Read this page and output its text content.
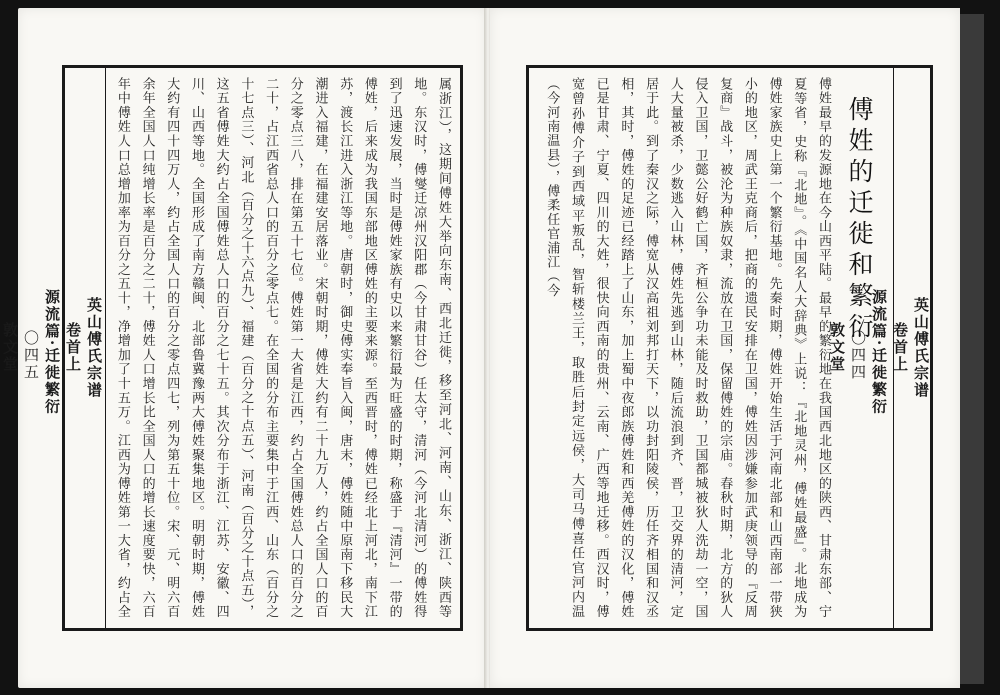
英山傅氏宗谱
卷首上
源流篇·迁徙繁衍
〇四五
敦文堂
属浙江），这期间傅姓大举向东南、西北迁徙，移至河北、河南、山东、浙江、陕西等地。东汉时，傅燮迁凉州汉阳郡（今甘肃甘谷）任太守，清河（今河北清河）的傅姓得到了迅速发展，当时是傅姓家族有史以来繁衍最为旺盛的时期，称盛于『清河』一带的傅姓，后来成为我国东部地区傅姓的主要来源。至西晋时，傅姓已经北上河北，南下江苏，渡长江进入浙江等地。唐朝时，御史傅实奉旨入闽，唐末，傅姓随中原南下移民大潮进入福建，在福建安居落业。宋朝时期，傅姓大约有二十九万人，约占全国人口的百分之零点三八，排在第五十七位。傅姓第一大省是江西，约占全国傅姓总人口的百分之二十，占江西省总人口的百分之零点七。在全国的分布主要集中于江西、山东（百分之十七点三）、河北（百分之十六点九）、福建（百分之十点五）、河南（百分之十点五），这五省傅姓大约占全国傅姓总人口的百分之七十五。其次分布于浙江、江苏、安徽、四川、山西等地。全国形成了南方赣闽、北部鲁冀豫两大傅姓聚集地区。明朝时期，傅姓大约有四十四万人，约占全国人口的百分之零点四七，列为第五十位。宋、元、明六百余年全国人口纯增长率是百分之二十，傅姓人口增长比全国人口的增长速度要快，六百年中傅姓人口总增加率为百分之五十，净增加了十五万。江西为傅姓第一大省，约占全
傅姓的迁徙和繁衍
傅姓最早的发源地在今山西平陆。最早的繁衍地在我国西北地区的陕西、甘肃东部、宁夏等省，史称『北地』。《中国名人大辞典》上说：『北地灵州，傅姓最盛』。北地成为傅姓家族史上第一个繁衍基地。先秦时期，傅姓开始生活于河南北部和山西南部一带狭小的地区，周武王克商后，把商的遗民安排在卫国，傅姓因涉嫌参加武庚领导的『反周复商』战斗，被沦为种族奴隶，流放在卫国，保留傅姓的宗庙。春秋时期，北方的狄人侵入卫国，卫懿公好鹤亡国，齐桓公争功未能及时救助，卫国都城被狄人洗劫一空，国人大量被杀，少数逃入山林，傅姓先逃到山林，随后流浪到齐、晋，卫交界的清河，定居于此。到了秦汉之际，傅宽从汉高祖刘邦打天下，以功封阳陵侯，历任齐相国和汉丞相，其时，傅姓的足迹已经踏上了山东，加上蜀中夜郎族傅姓和西羌傅姓的汉化，傅姓已是甘肃、宁夏、四川的大姓，很快向西南的贵州、云南、广西等地迁移。西汉时，傅宽曾孙傅介子到西域平叛乱，智斩楼兰王，取胜后封定远侯，大司马傅喜任官河内温（今河南温县），傅柔任官浦江（今
英山傅氏宗谱
卷首上
源流篇·迁徙繁衍
〇四四
敦文堂
